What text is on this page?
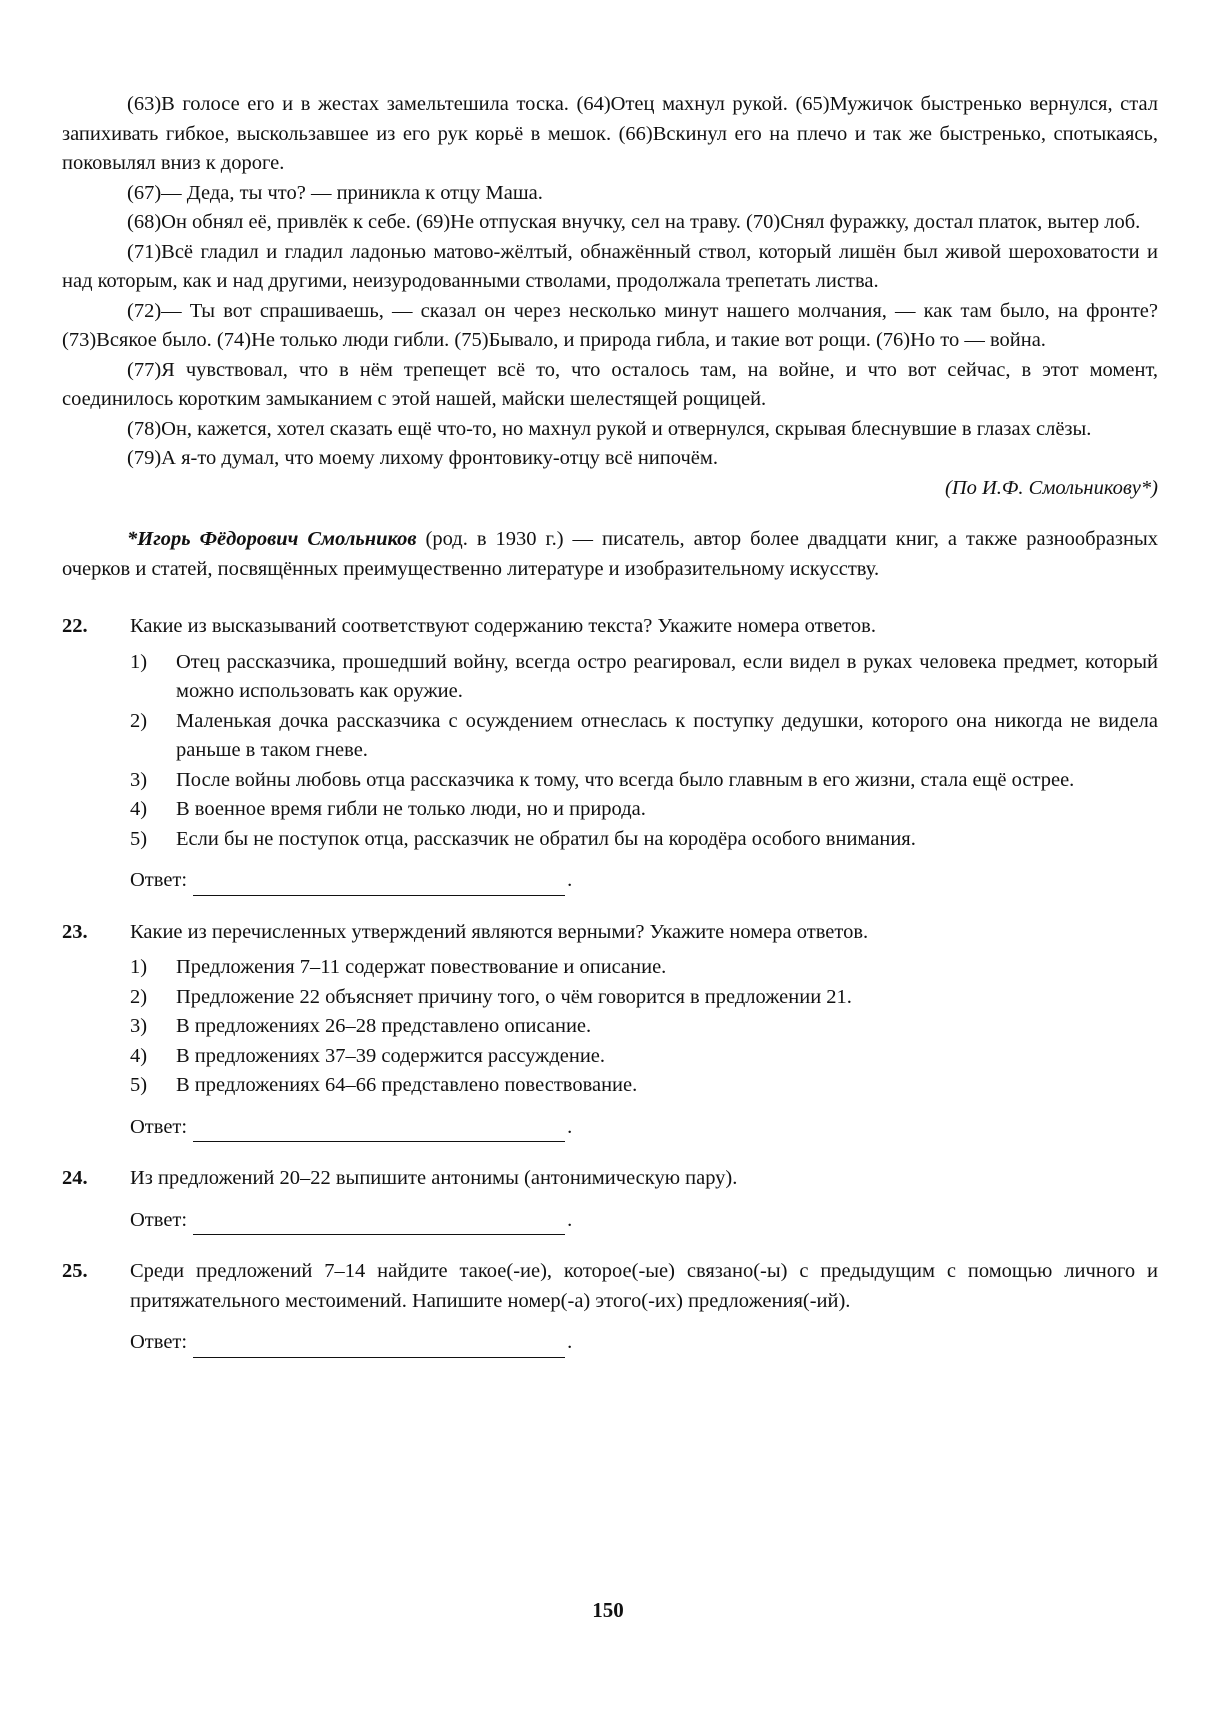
(63)В голосе его и в жестах замельтешила тоска. (64)Отец махнул рукой. (65)Мужичок быстренько вернулся, стал запихивать гибкое, выскользавшее из его рук корьё в мешок. (66)Вскинул его на плечо и так же быстренько, спотыкаясь, поковылял вниз к дороге.

(67)— Деда, ты что? — приникла к отцу Маша.

(68)Он обнял её, привлёк к себе. (69)Не отпуская внучку, сел на траву. (70)Снял фуражку, достал платок, вытер лоб.

(71)Всё гладил и гладил ладонью матово-жёлтый, обнажённый ствол, который лишён был живой шероховатости и над которым, как и над другими, неизуродованными стволами, продолжала трепетать листва.

(72)— Ты вот спрашиваешь, — сказал он через несколько минут нашего молчания, — как там было, на фронте? (73)Всякое было. (74)Не только люди гибли. (75)Бывало, и природа гибла, и такие вот рощи. (76)Но то — война.

(77)Я чувствовал, что в нём трепещет всё то, что осталось там, на войне, и что вот сейчас, в этот момент, соединилось коротким замыканием с этой нашей, майски шелестящей рощицей.

(78)Он, кажется, хотел сказать ещё что-то, но махнул рукой и отвернулся, скрывая блеснувшие в глазах слёзы.

(79)А я-то думал, что моему лихому фронтовику-отцу всё нипочём.

(По И.Ф. Смольникову*)

*Игорь Фёдорович Смольников (род. в 1930 г.) — писатель, автор более двадцати книг, а также разнообразных очерков и статей, посвящённых преимущественно литературе и изобразительному искусству.

22.	Какие из высказываний соответствуют содержанию текста? Укажите номера ответов.

1)	Отец рассказчика, прошедший войну, всегда остро реагировал, если видел в руках человека предмет, который можно использовать как оружие.
2)	Маленькая дочка рассказчика с осуждением отнеслась к поступку дедушки, которого она никогда не видела раньше в таком гневе.
3)	После войны любовь отца рассказчика к тому, что всегда было главным в его жизни, стала ещё острее.
4)	В военное время гибли не только люди, но и природа.
5)	Если бы не поступок отца, рассказчик не обратил бы на кородёра особого внимания.
Ответ:	.
23.	Какие из перечисленных утверждений являются верными? Укажите номера ответов.

1)	Предложения 7–11 содержат повествование и описание.
2)	Предложение 22 объясняет причину того, о чём говорится в предложении 21.
3)	В предложениях 26–28 представлено описание.
4)	В предложениях 37–39 содержится рассуждение.
5)	В предложениях 64–66 представлено повествование.
Ответ:	.
24.	Из предложений 20–22 выпишите антонимы (антонимическую пару).

Ответ:	.
25.	Среди предложений 7–14 найдите такое(-ие), которое(-ые) связано(-ы) с предыдущим с помощью личного и притяжательного местоимений. Напишите номер(-а) этого(-их) предложения(-ий).

Ответ:	.
150
